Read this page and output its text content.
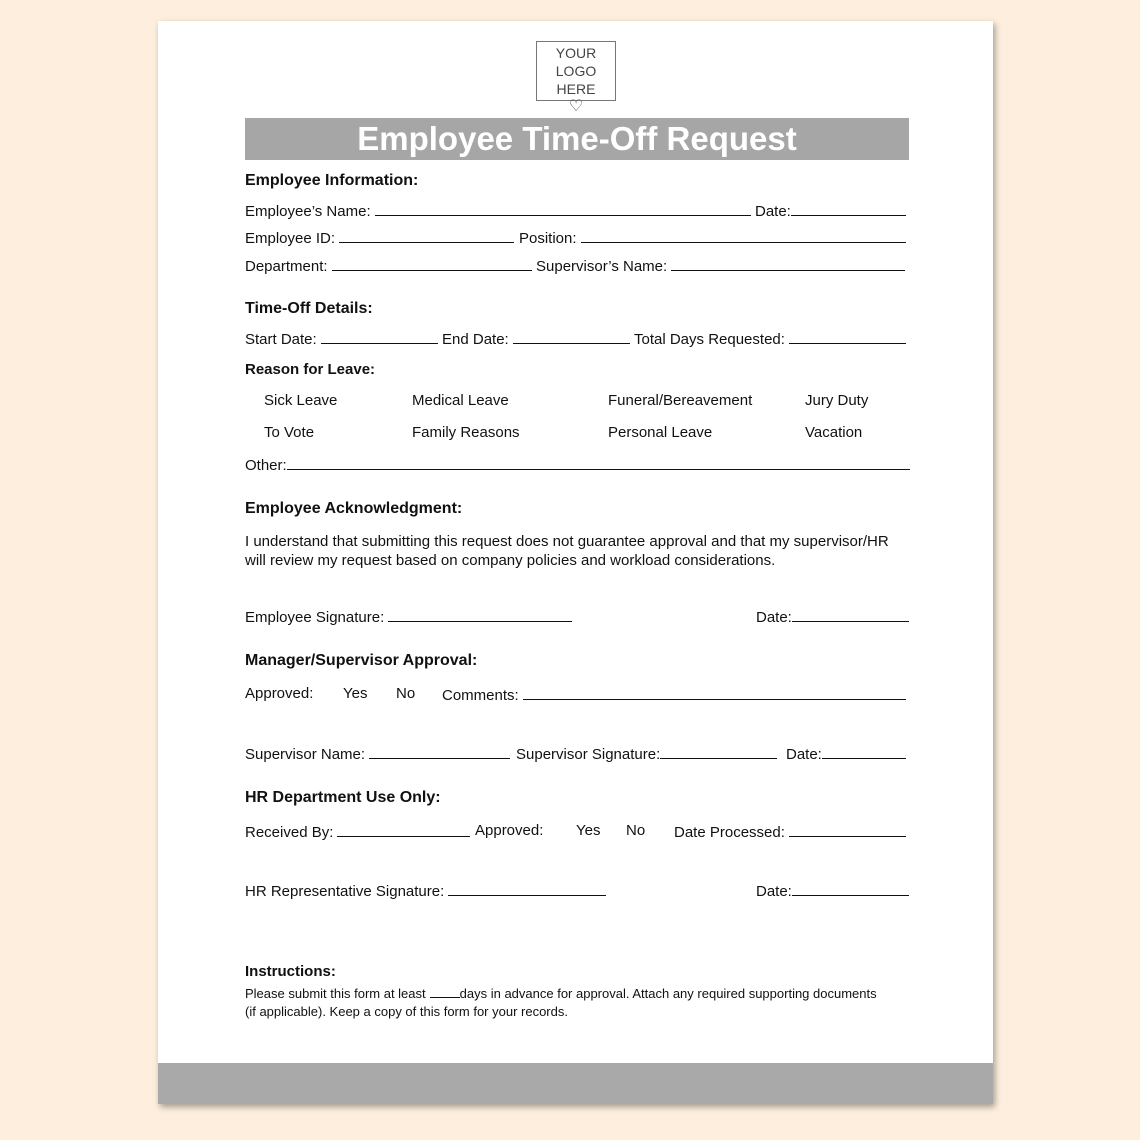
YOUR LOGO
HERE
♡
Employee Time-Off Request
Employee Information:
Employee’s Name:	Date:
Employee ID:	Position:
Department:	Supervisor’s Name:
Time-Off Details:
Start Date:	End Date:	Total Days Requested:
Reason for Leave:
Sick Leave	Medical Leave	Funeral/Bereavement	Jury Duty
To Vote	Family Reasons	Personal Leave	Vacation
Other:
Employee Acknowledgment:
I understand that submitting this request does not guarantee approval and that my supervisor/HR
will review my request based on company policies and workload considerations.
Employee Signature:	Date:
Manager/Supervisor Approval:
Approved: Yes No Comments:
Supervisor Name:	Supervisor Signature:	Date:
HR Department Use Only:
Received By:	Approved: Yes No Date Processed:
HR Representative Signature:	Date:
Instructions:
Please submit this form at least	days in advance for approval. Attach any required supporting documents
(if applicable). Keep a copy of this form for your records.
